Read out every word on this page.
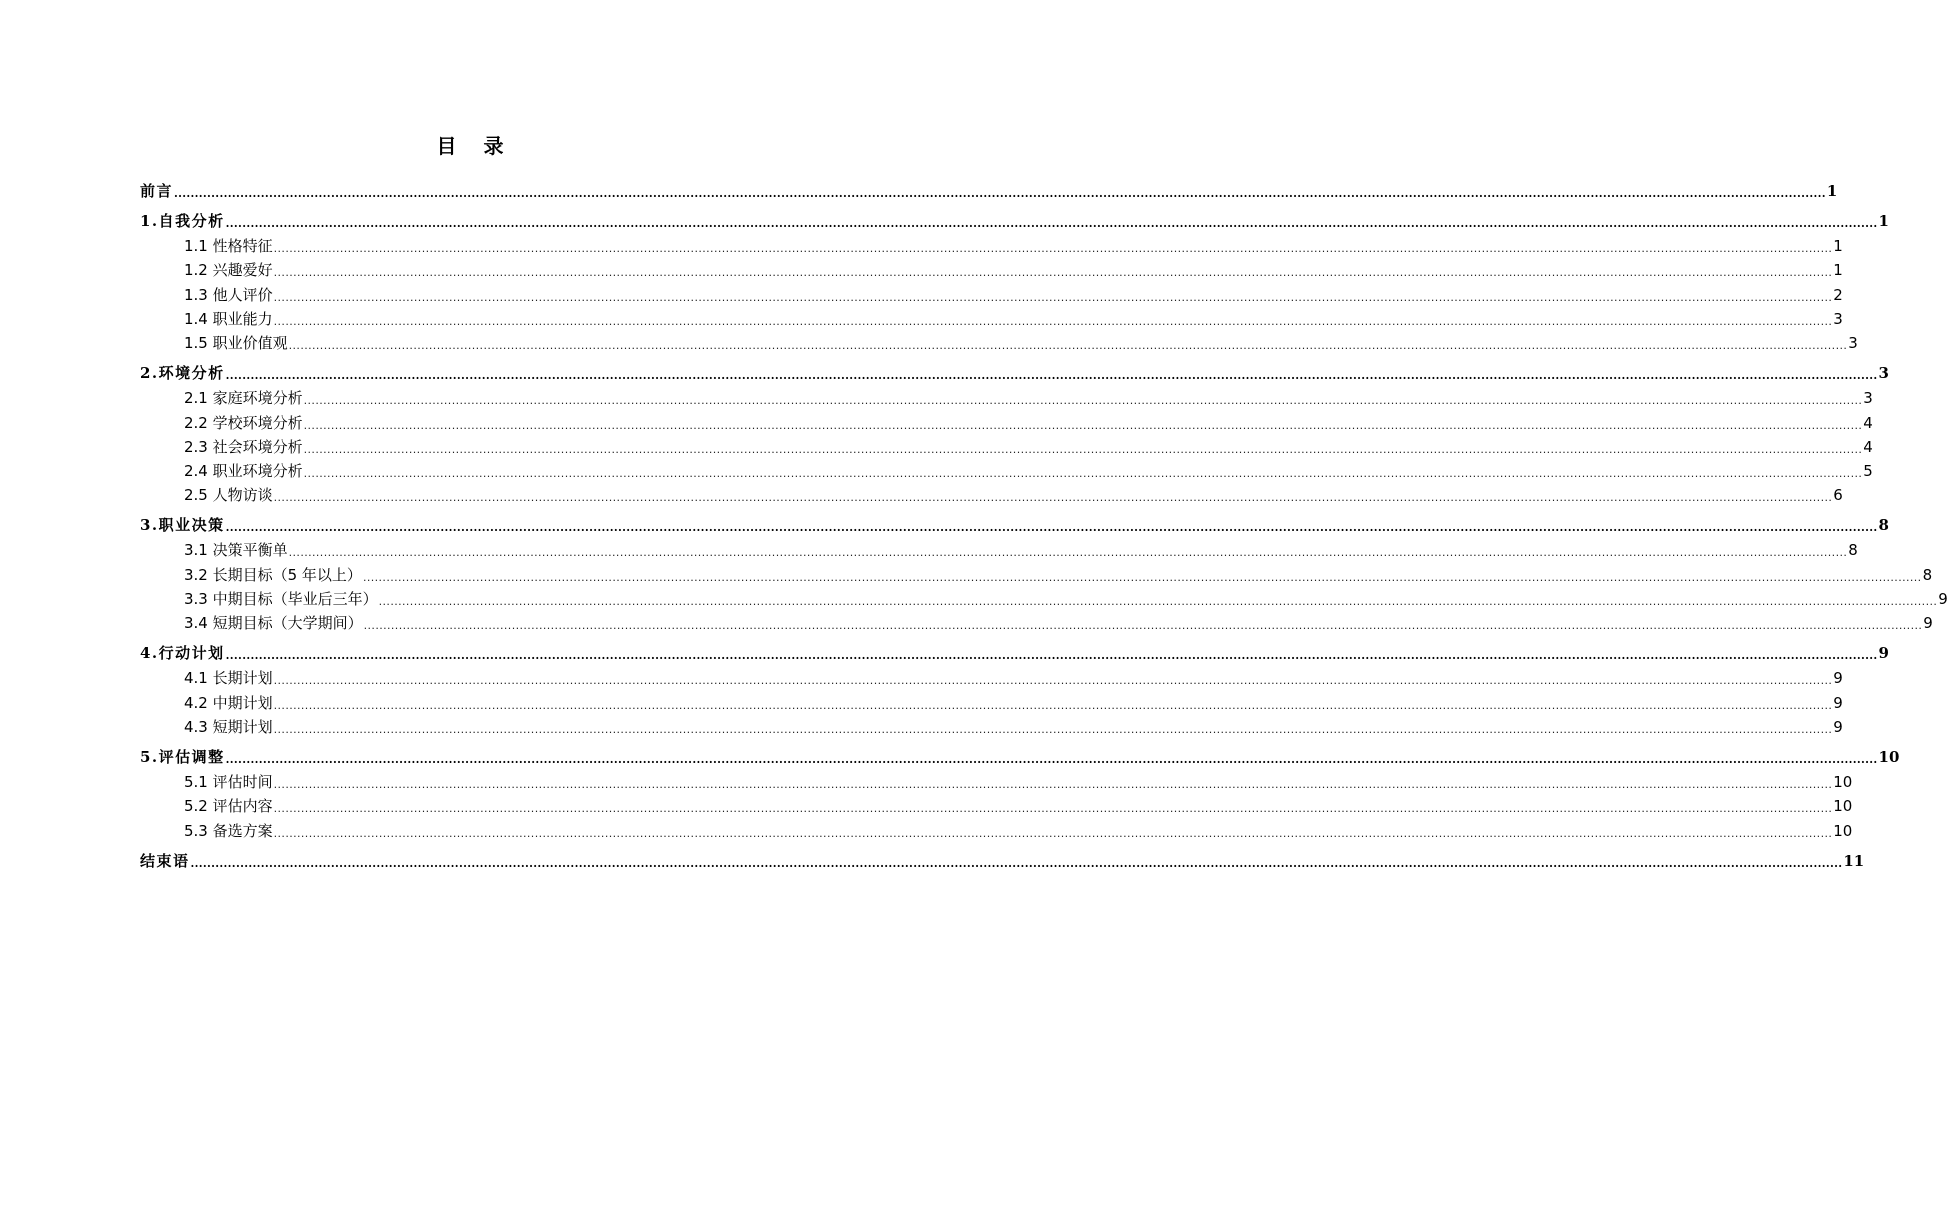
目 录
前言 ................................................................................................................................................................................................................................................................................................................................................................................................................ 1
1.自我分析 ................................................................................................................................................................................................................................................................................................................................................................................................................ 1
1.1 性格特征 ................................................................................................................................................................................................................................................................................................................................................................................................................ 1
1.2 兴趣爱好 ................................................................................................................................................................................................................................................................................................................................................................................................................ 1
1.3 他人评价 ................................................................................................................................................................................................................................................................................................................................................................................................................ 2
1.4 职业能力 ................................................................................................................................................................................................................................................................................................................................................................................................................ 3
1.5 职业价值观 ................................................................................................................................................................................................................................................................................................................................................................................................................ 3
2.环境分析 ................................................................................................................................................................................................................................................................................................................................................................................................................ 3
2.1 家庭环境分析 ................................................................................................................................................................................................................................................................................................................................................................................................................ 3
2.2 学校环境分析 ................................................................................................................................................................................................................................................................................................................................................................................................................ 4
2.3 社会环境分析 ................................................................................................................................................................................................................................................................................................................................................................................................................ 4
2.4 职业环境分析 ................................................................................................................................................................................................................................................................................................................................................................................................................ 5
2.5 人物访谈 ................................................................................................................................................................................................................................................................................................................................................................................................................ 6
3.职业决策 ................................................................................................................................................................................................................................................................................................................................................................................................................ 8
3.1 决策平衡单 ................................................................................................................................................................................................................................................................................................................................................................................................................ 8
3.2 长期目标（5 年以上） ................................................................................................................................................................................................................................................................................................................................................................................................................ 8
3.3 中期目标（毕业后三年） ................................................................................................................................................................................................................................................................................................................................................................................................................ 9
3.4 短期目标（大学期间） ................................................................................................................................................................................................................................................................................................................................................................................................................ 9
4.行动计划 ................................................................................................................................................................................................................................................................................................................................................................................................................ 9
4.1 长期计划 ................................................................................................................................................................................................................................................................................................................................................................................................................ 9
4.2 中期计划 ................................................................................................................................................................................................................................................................................................................................................................................................................ 9
4.3 短期计划 ................................................................................................................................................................................................................................................................................................................................................................................................................ 9
5.评估调整 ................................................................................................................................................................................................................................................................................................................................................................................................................ 10
5.1 评估时间 ................................................................................................................................................................................................................................................................................................................................................................................................................ 10
5.2 评估内容 ................................................................................................................................................................................................................................................................................................................................................................................................................ 10
5.3 备选方案 ................................................................................................................................................................................................................................................................................................................................................................................................................ 10
结束语 ................................................................................................................................................................................................................................................................................................................................................................................................................ 11
